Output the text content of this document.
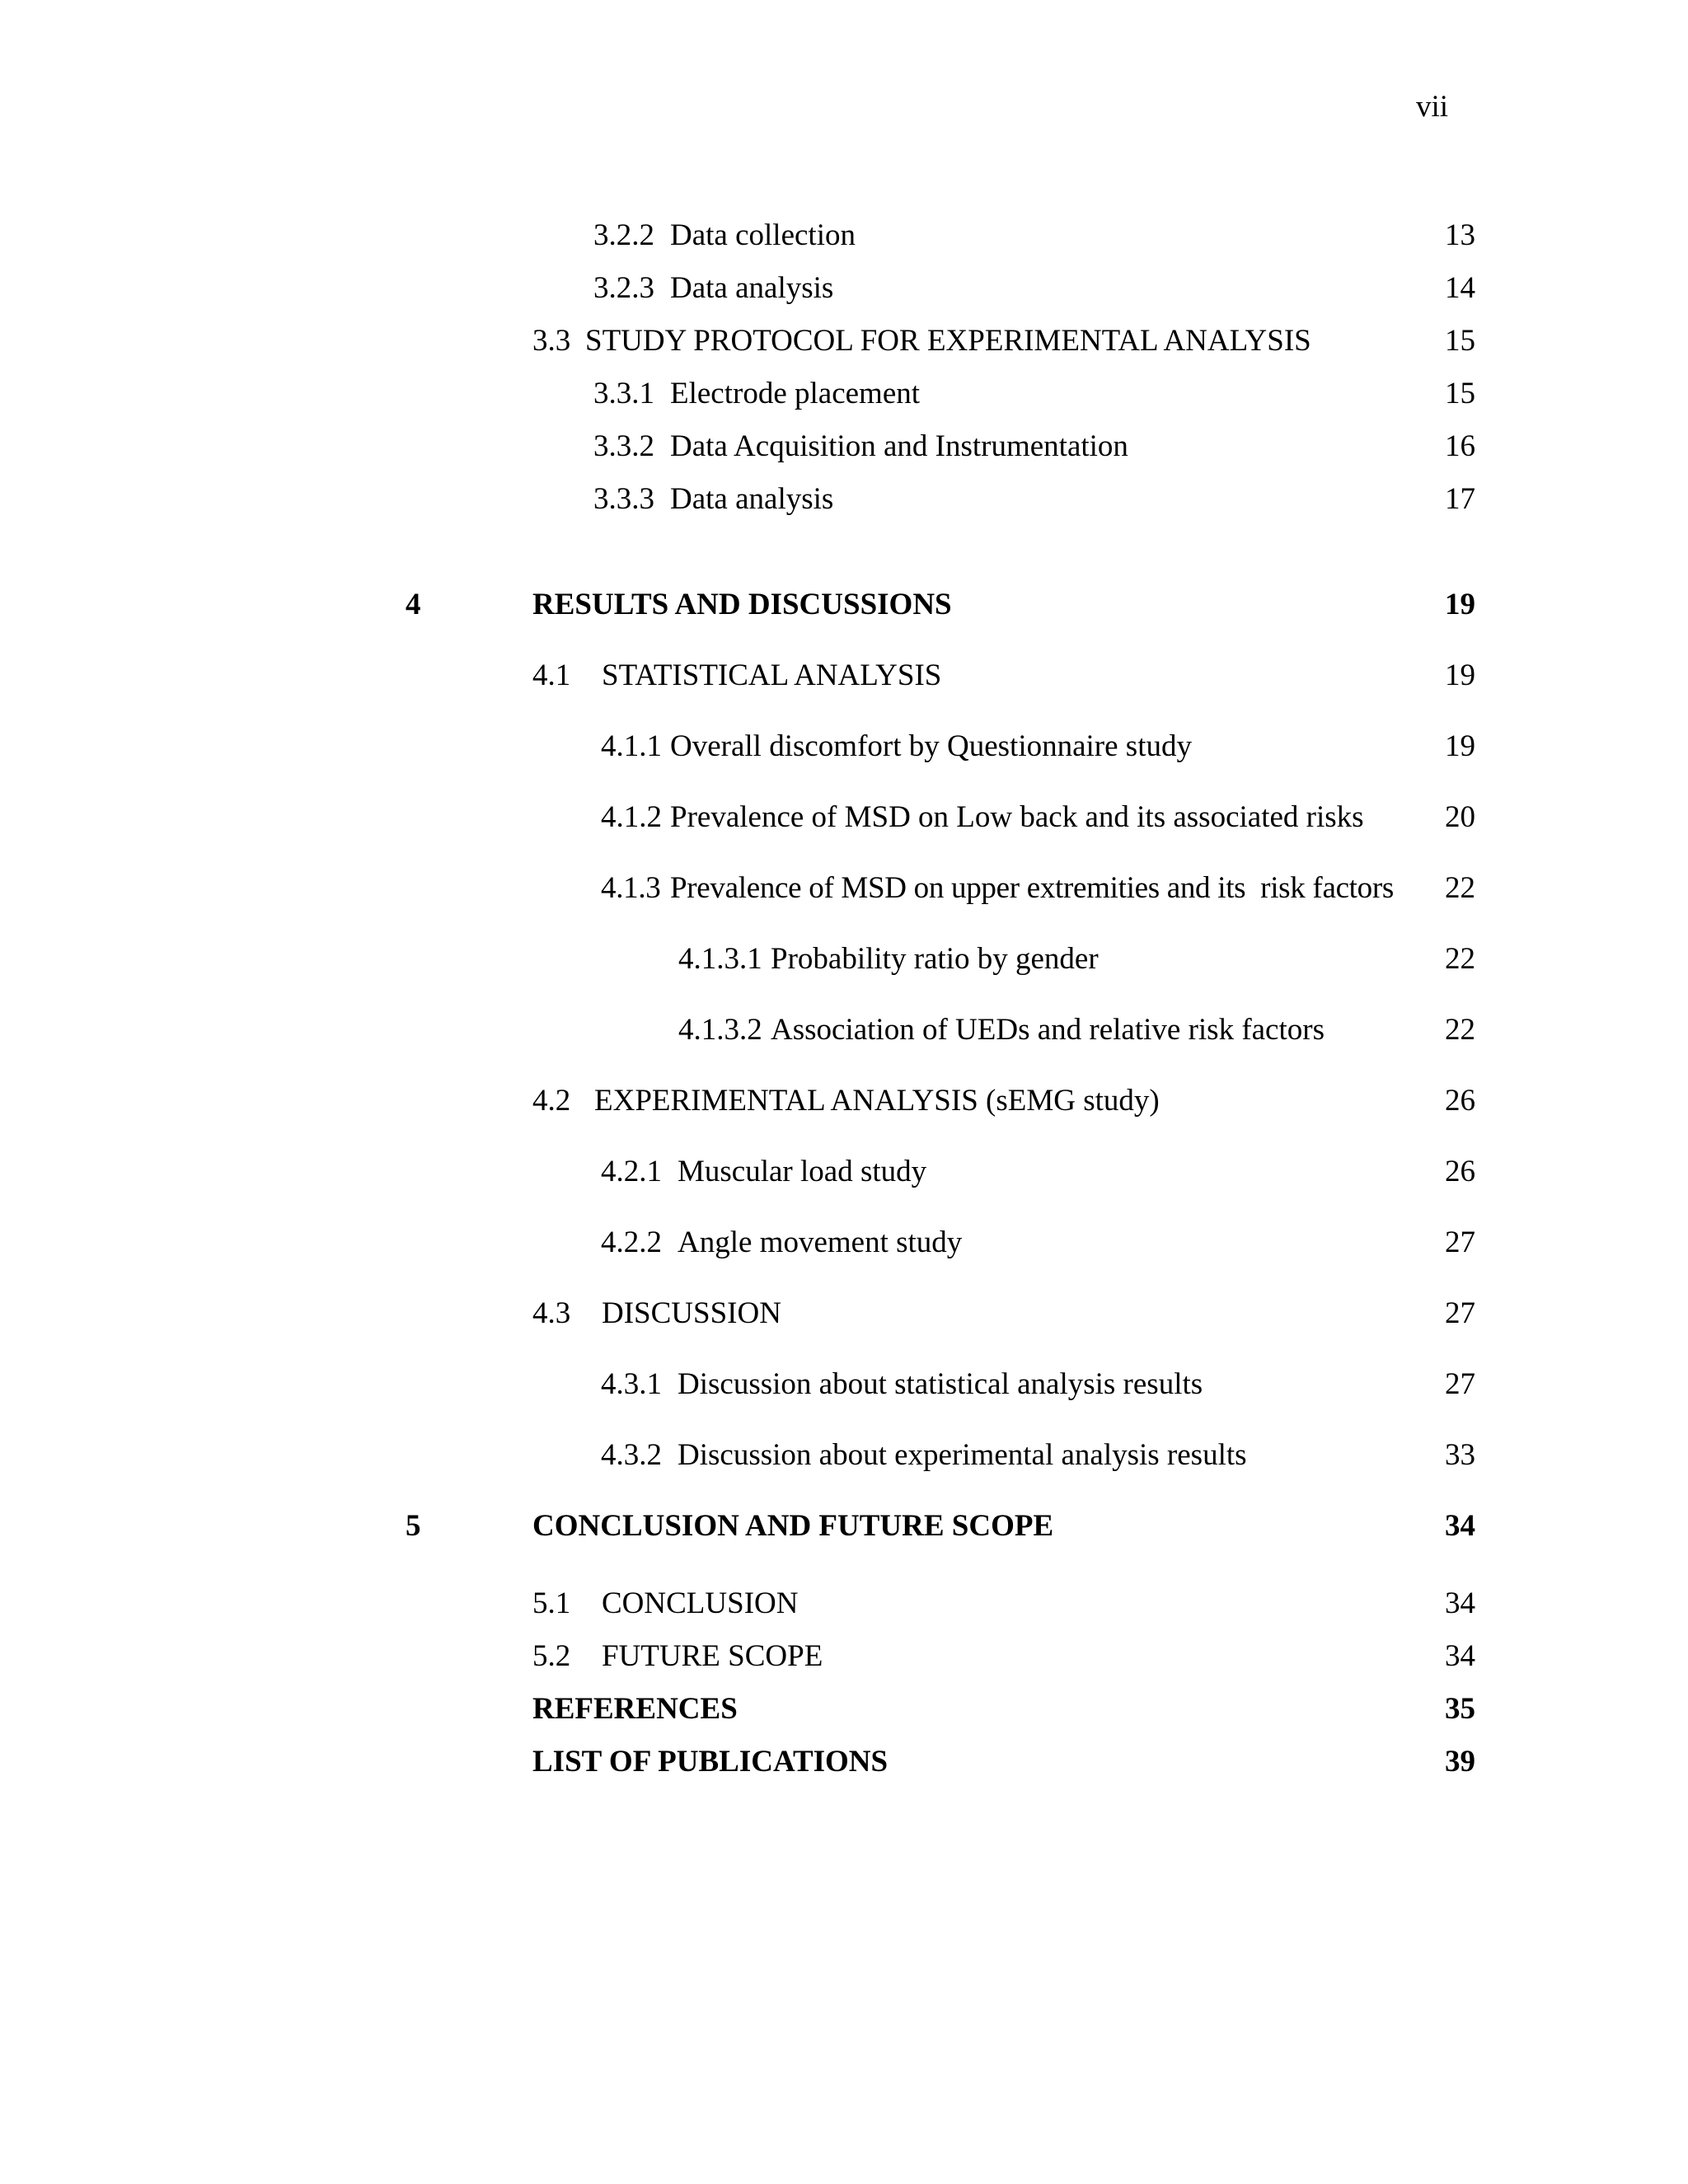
vii
3.2.2 Data collection	13
3.2.3 Data analysis	14
3.3 STUDY PROTOCOL FOR EXPERIMENTAL ANALYSIS	15
3.3.1 Electrode placement	15
3.3.2 Data Acquisition and Instrumentation	16
3.3.3 Data analysis	17
4	RESULTS AND DISCUSSIONS	19
4.1 STATISTICAL ANALYSIS	19
4.1.1 Overall discomfort by Questionnaire study	19
4.1.2 Prevalence of MSD on Low back and its associated risks	20
4.1.3 Prevalence of MSD on upper extremities and its  risk factors 22
4.1.3.1 Probability ratio by gender	22
4.1.3.2 Association of UEDs and relative risk factors	22
4.2 EXPERIMENTAL ANALYSIS (sEMG study)	26
4.2.1 Muscular load study	26
4.2.2 Angle movement study	27
4.3 DISCUSSION	27
4.3.1 Discussion about statistical analysis results	27
4.3.2 Discussion about experimental analysis results	33
5	CONCLUSION AND FUTURE SCOPE	34
5.1 CONCLUSION	34
5.2 FUTURE SCOPE	34
REFERENCES	35
LIST OF PUBLICATIONS	39
